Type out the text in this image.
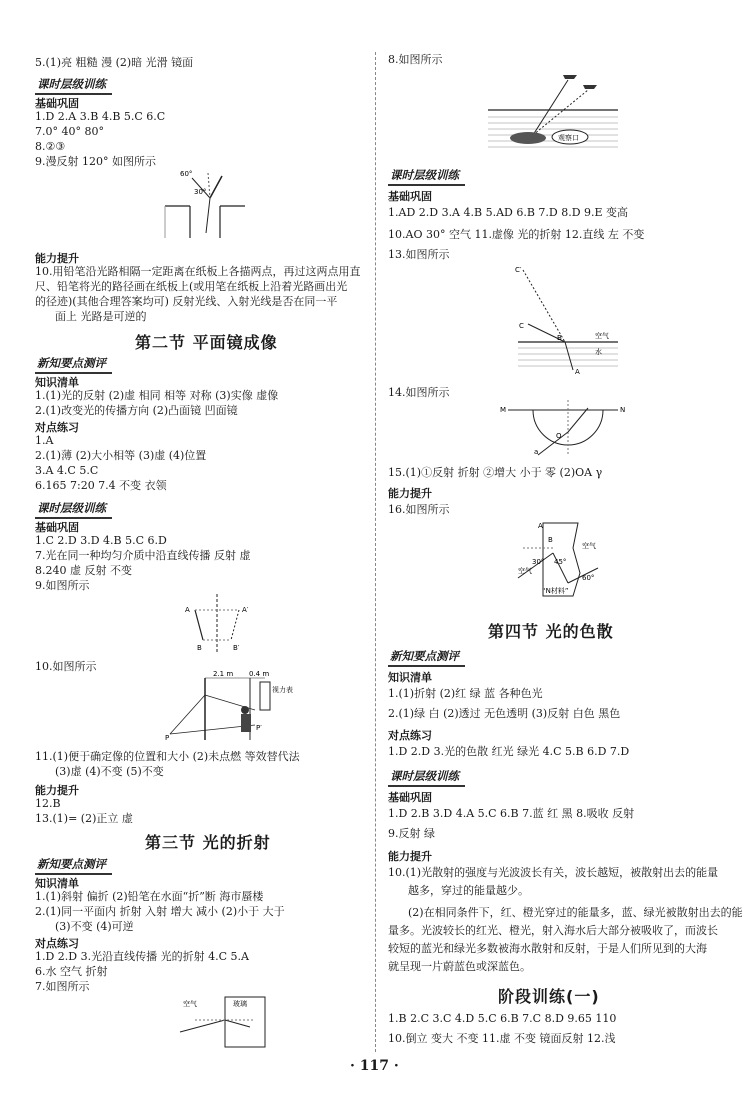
5.(1)亮 粗糙 漫 (2)暗 光滑 镜面
课时层级训练
基础巩固
1.D 2.A 3.B 4.B 5.C 6.C
7.0° 40° 80°
8.②③
9.漫反射 120° 如图所示
60°
30°
能力提升
10.用铅笔沿光路相隔一定距离在纸板上各描两点，再过这两点用直
尺、铅笔将光的路径画在纸板上(或用笔在纸板上沿着光路画出光
的径迹)(其他合理答案均可) 反射光线、入射光线是否在同一平
面上 光路是可逆的
第二节 平面镜成像
新知要点测评
知识清单
1.(1)光的反射 (2)虚 相同 相等 对称 (3)实像 虚像
2.(1)改变光的传播方向 (2)凸面镜 凹面镜
对点练习
1.A
2.(1)薄 (2)大小相等 (3)虚 (4)位置
3.A 4.C 5.C
6.165 7:20 7.4 不变 衣领
课时层级训练
基础巩固
1.C 2.D 3.D 4.B 5.C 6.D
7.光在同一种均匀介质中沿直线传播 反射 虚
8.240 虚 反射 不变
9.如图所示
A	A′
B	B′
10.如图所示
2.1 m 0.4 m
视力表
P
P′
11.(1)便于确定像的位置和大小 (2)未点燃 等效替代法
(3)虚 (4)不变 (5)不变
能力提升
12.B
13.(1)= (2)正立 虚
第三节 光的折射
新知要点测评
知识清单
1.(1)斜射 偏折 (2)铅笔在水面“折”断 海市蜃楼
2.(1)同一平面内 折射 入射 增大 减小 (2)小于 大于
(3)不变 (4)可逆
对点练习
1.D 2.D 3.光沿直线传播 光的折射 4.C 5.A
6.水 空气 折射
7.如图所示
空气	玻璃
8.如图所示
观察口
课时层级训练
基础巩固
1.AD 2.D 3.A 4.B 5.AD 6.B 7.D 8.D 9.E 变高
10.AO 30° 空气 11.虚像 光的折射 12.直线 左 不变
13.如图所示
C′
C
B
A
空气
水
14.如图所示
M	N
O
a
15.(1)①反射 折射 ②增大 小于 零 (2)OA γ
能力提升
16.如图所示
空气
空气
45°
30°
60°
“N材料”
A
B
第四节 光的色散
新知要点测评
知识清单
1.(1)折射 (2)红 绿 蓝 各种色光
2.(1)绿 白 (2)透过 无色透明 (3)反射 白色 黑色
对点练习
1.D 2.D 3.光的色散 红光 绿光 4.C 5.B 6.D 7.D
课时层级训练
基础巩固
1.D 2.B 3.D 4.A 5.C 6.B 7.蓝 红 黑 8.吸收 反射
9.反射 绿
能力提升
10.(1)光散射的强度与光波波长有关，波长越短，被散射出去的能量
越多，穿过的能量越少。
(2)在相同条件下，红、橙光穿过的能量多，蓝、绿光被散射出去的能
量多。光波较长的红光、橙光，射入海水后大部分被吸收了，而波长
较短的蓝光和绿光多数被海水散射和反射，于是人们所见到的大海
就呈现一片蔚蓝色或深蓝色。
阶段训练(一)
1.B 2.C 3.C 4.D 5.C 6.B 7.C 8.D 9.65 110
10.倒立 变大 不变 11.虚 不变 镜面反射 12.浅
· 117 ·
